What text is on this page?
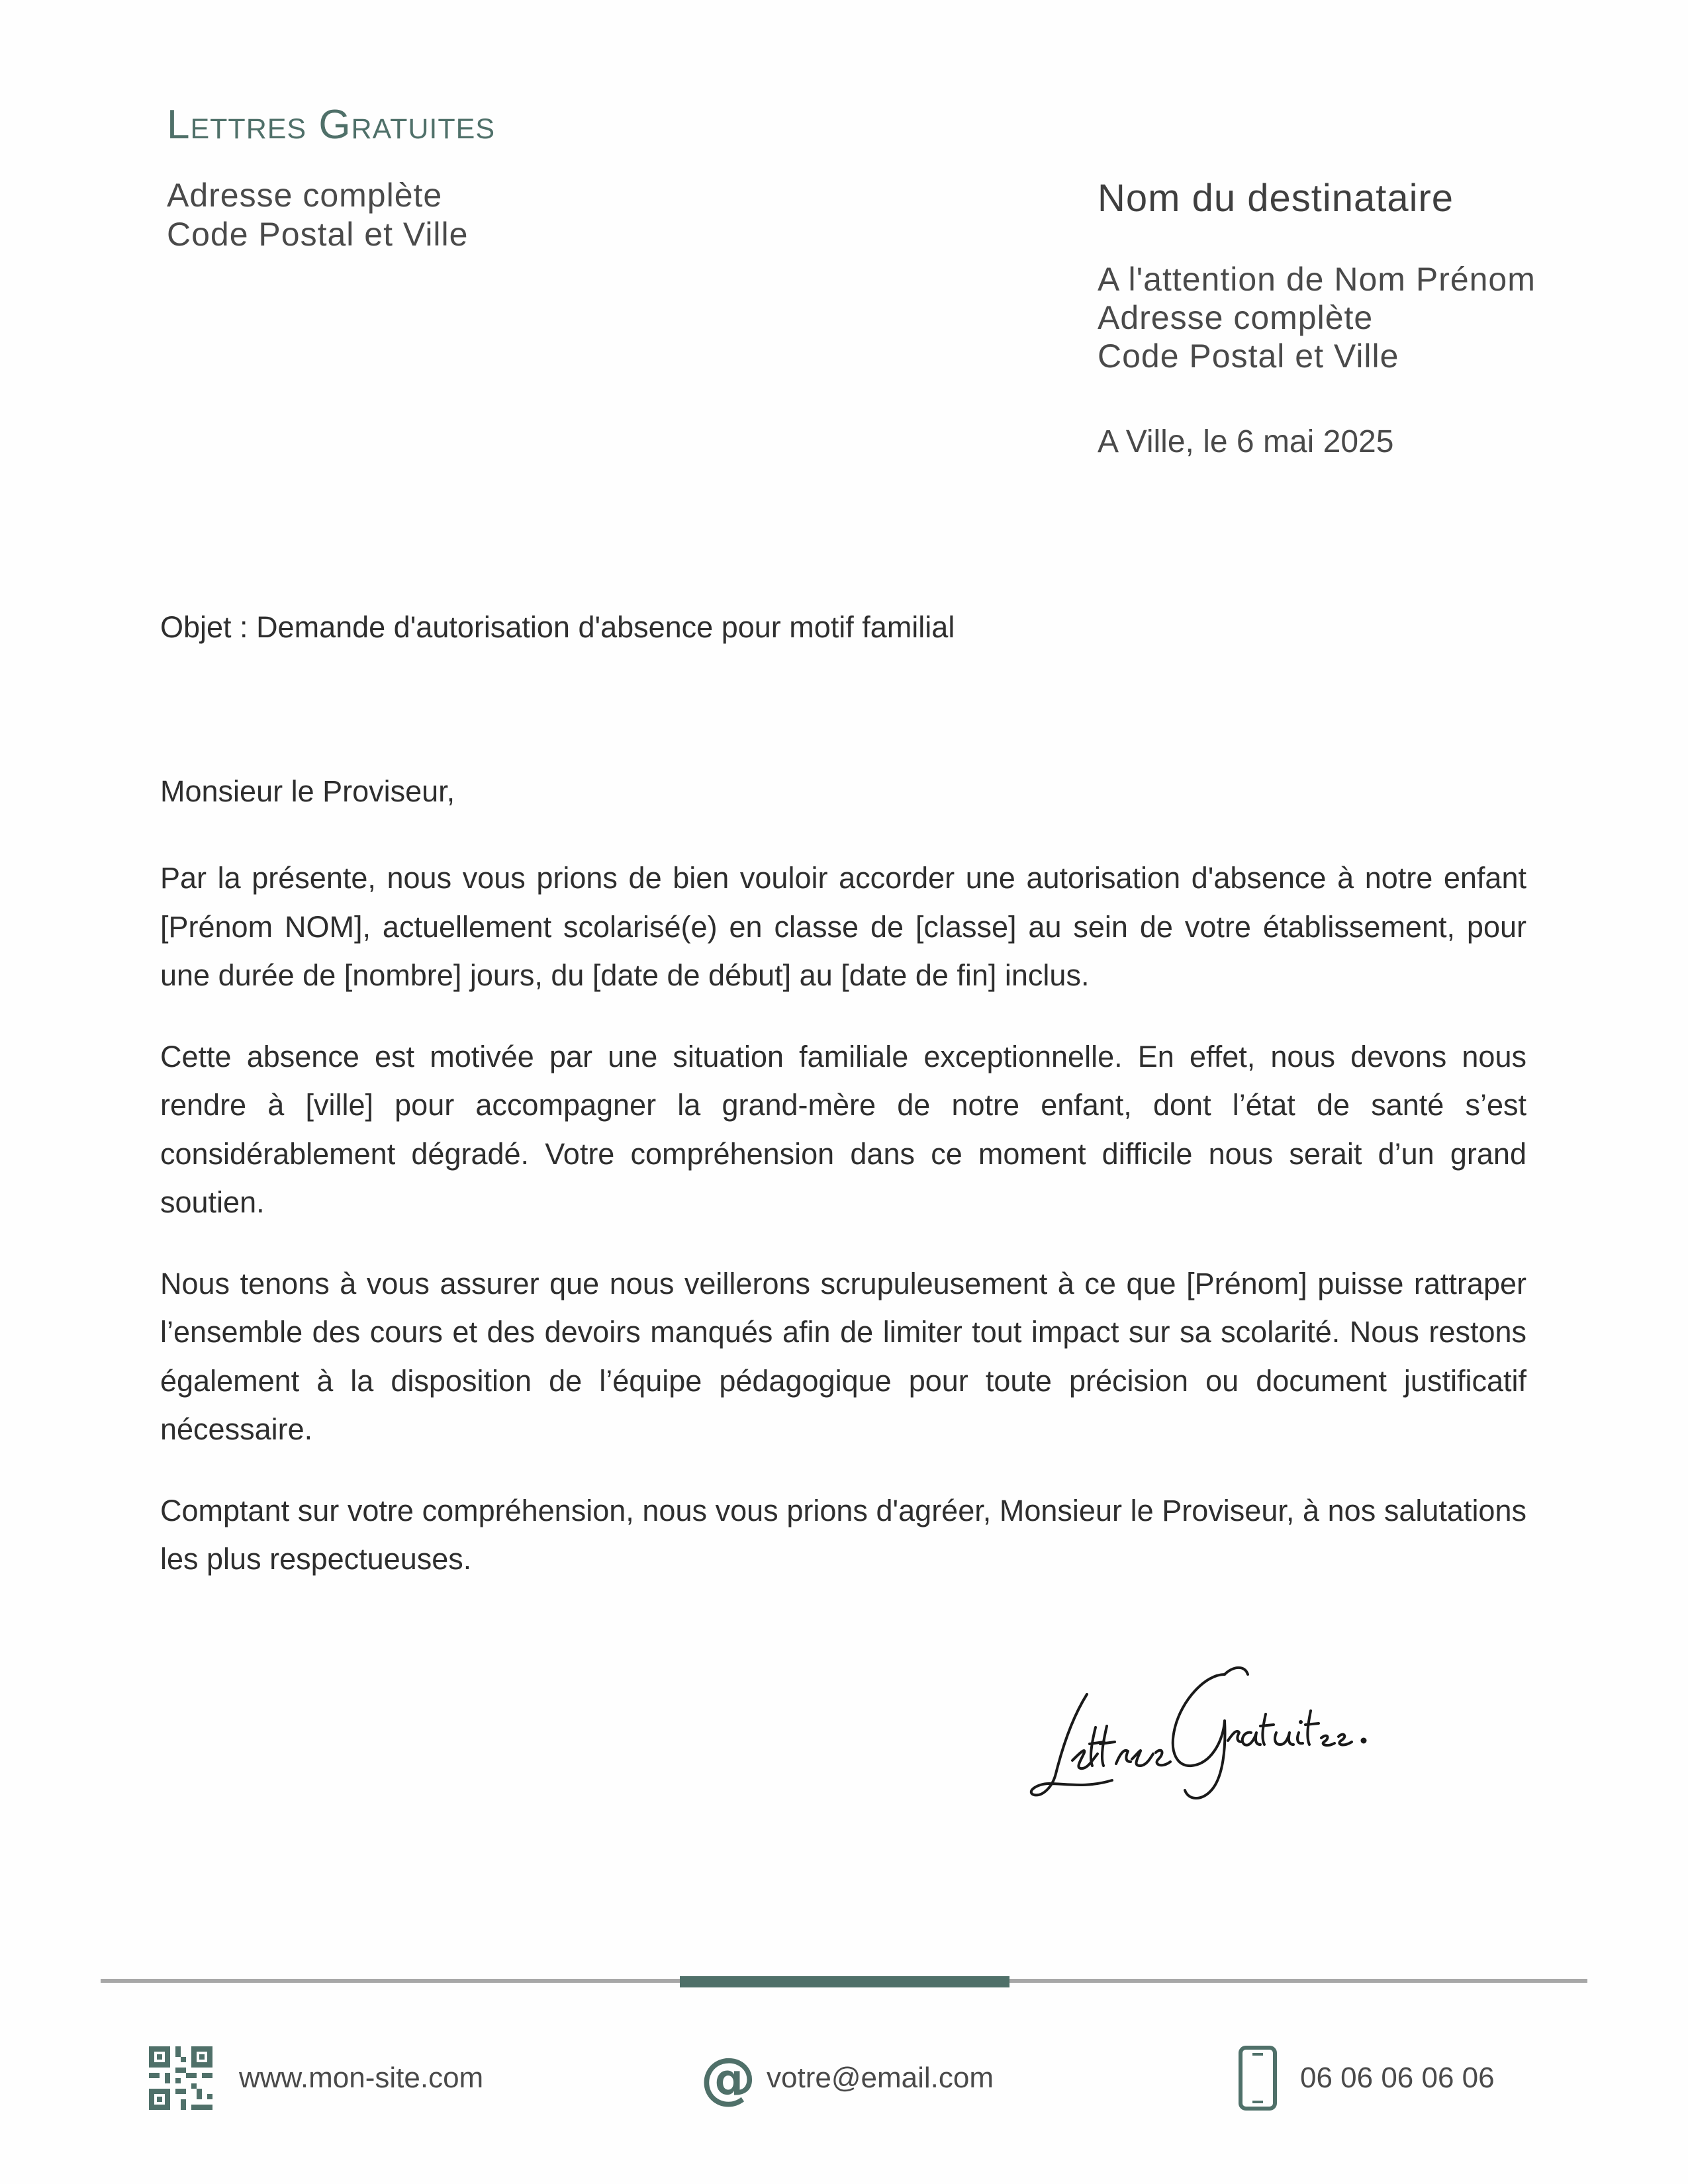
Lettres Gratuites
Adresse complète
Code Postal et Ville
Nom du destinataire
A l'attention de Nom Prénom
Adresse complète
Code Postal et Ville
A Ville, le 6 mai 2025
Objet : Demande d'autorisation d'absence pour motif familial
Monsieur le Proviseur,

Par la présente, nous vous prions de bien vouloir accorder une autorisation d'absence à notre enfant [Prénom NOM], actuellement scolarisé(e) en classe de [classe] au sein de votre établissement, pour une durée de [nombre] jours, du [date de début] au [date de fin] inclus.

Cette absence est motivée par une situation familiale exceptionnelle. En effet, nous devons nous rendre à [ville] pour accompagner la grand-mère de notre enfant, dont l’état de santé s’est considérablement dégradé. Votre compréhension dans ce moment difficile nous serait d’un grand soutien.

Nous tenons à vous assurer que nous veillerons scrupuleusement à ce que [Prénom] puisse rattraper l’ensemble des cours et des devoirs manqués afin de limiter tout impact sur sa scolarité. Nous restons également à la disposition de l’équipe pédagogique pour toute précision ou document justificatif nécessaire.

Comptant sur votre compréhension, nous vous prions d'agréer, Monsieur le Proviseur, à nos salutations les plus respectueuses.

www.mon-site.com	@ votre@email.com	06 06 06 06 06
